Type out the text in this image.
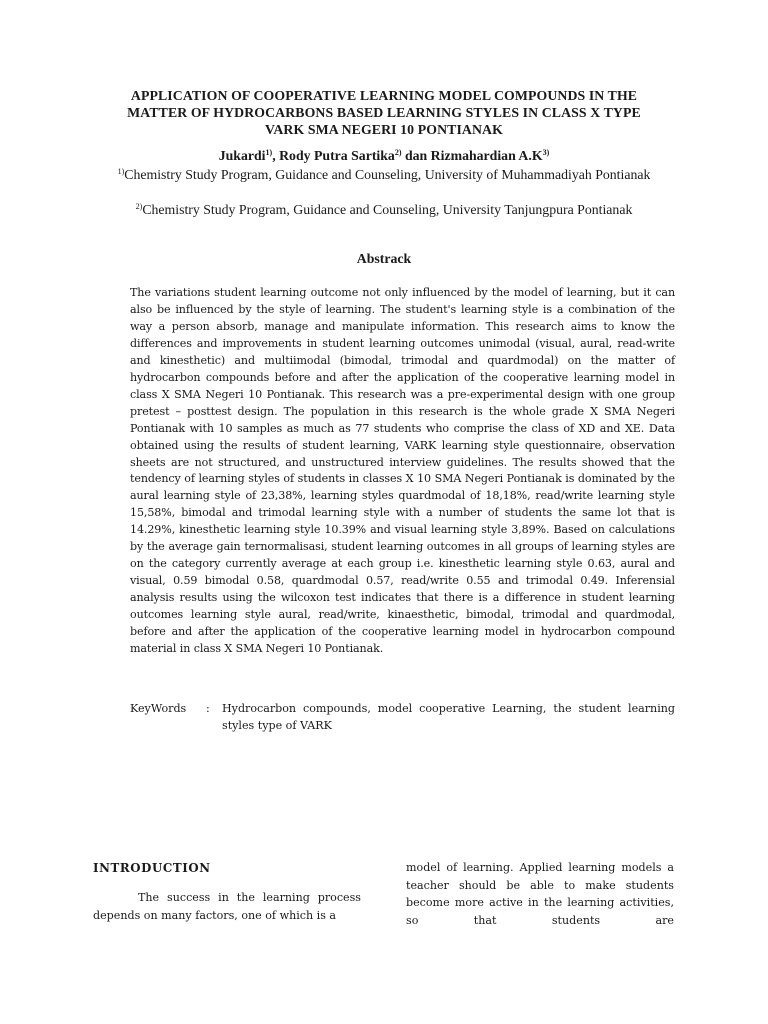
APPLICATION OF COOPERATIVE LEARNING MODEL COMPOUNDS IN THE MATTER OF HYDROCARBONS BASED LEARNING STYLES IN CLASS X TYPE VARK SMA NEGERI 10 PONTIANAK
Jukardi$^{1)}$, Rody Putra Sartika$^{2)}$ dan Rizmahardian $A.K^{3)}$
$^{1)}$Chemistry Study Program, Guidance and Counseling, University of Muhammadiyah Pontianak
$^{2)}$Chemistry Study Program, Guidance and Counseling, University Tanjungpura Pontianak
Abstrack
The variations student learning outcome not only influenced by the model of learning, but it can also be influenced by the style of learning. The student's learning style is a combination of the way a person absorb, manage and manipulate information. This research aims to know the differences and improvements in student learning outcomes unimodal (visual, aural, read-write and kinesthetic) and multiimodal (bimodal, trimodal and quardmodal) on the matter of hydrocarbon compounds before and after the application of the cooperative learning model in class X SMA Negeri 10 Pontianak. This research was a pre-experimental design with one group pretest – posttest design. The population in this research is the whole grade X SMA Negeri Pontianak with 10 samples as much as 77 students who comprise the class of XD and XE. Data obtained using the results of student learning, VARK learning style questionnaire, observation sheets are not structured, and unstructured interview guidelines. The results showed that the tendency of learning styles of students in classes X 10 SMA Negeri Pontianak is dominated by the aural learning style of 23,38%, learning styles quardmodal of 18,18%, read/write learning style 15,58%, bimodal and trimodal learning style with a number of students the same lot that is 14.29%, kinesthetic learning style 10.39% and visual learning style 3,89%. Based on calculations by the average gain ternormalisasi, student learning outcomes in all groups of learning styles are on the category currently average at each group i.e. kinesthetic learning style 0.63, aural and visual, 0.59 bimodal 0.58, quardmodal 0.57, read/write 0.55 and trimodal 0.49. Inferensial analysis results using the wilcoxon test indicates that there is a difference in student learning outcomes learning style aural, read/write, kinaesthetic, bimodal, trimodal and quardmodal, before and after the application of the cooperative learning model in hydrocarbon compound material in class X SMA Negeri 10 Pontianak.
KeyWords	: Hydrocarbon compounds, model cooperative Learning, the student learning styles type of VARK
INTRODUCTION
The success in the learning process depends on many factors, one of which is a
model of learning. Applied learning models a teacher should be able to make students become more active in the learning activities, so that students are
